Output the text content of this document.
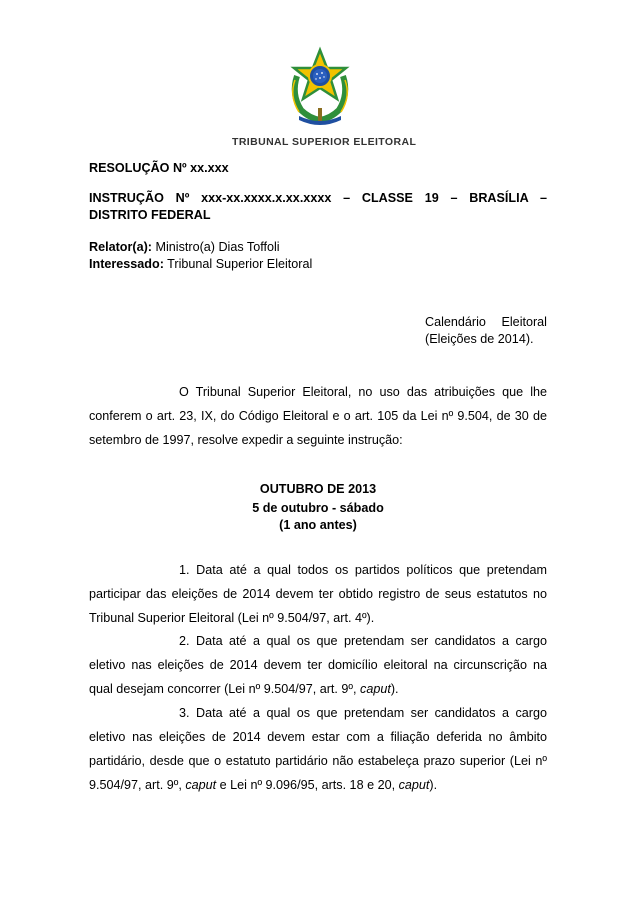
TRIBUNAL SUPERIOR ELEITORAL
RESOLUÇÃO Nº xx.xxx
INSTRUÇÃO Nº xxx-xx.xxxx.x.xx.xxxx – CLASSE 19 – BRASÍLIA –
DISTRITO FEDERAL
Relator(a): Ministro(a) Dias Toffoli
Interessado: Tribunal Superior Eleitoral
Calendário Eleitoral
(Eleições de 2014).
O Tribunal Superior Eleitoral, no uso das atribuições que lhe
conferem o art. 23, IX, do Código Eleitoral e o art. 105 da Lei nº 9.504, de 30 de
setembro de 1997, resolve expedir a seguinte instrução:
OUTUBRO DE 2013
5 de outubro - sábado
(1 ano antes)
1. Data até a qual todos os partidos políticos que pretendam
participar das eleições de 2014 devem ter obtido registro de seus estatutos no
Tribunal Superior Eleitoral (Lei nº 9.504/97, art. 4º).
2. Data até a qual os que pretendam ser candidatos a cargo
eletivo nas eleições de 2014 devem ter domicílio eleitoral na circunscrição na
qual desejam concorrer (Lei nº 9.504/97, art. 9º, caput).
3. Data até a qual os que pretendam ser candidatos a cargo
eletivo nas eleições de 2014 devem estar com a filiação deferida no âmbito
partidário, desde que o estatuto partidário não estabeleça prazo superior (Lei nº
9.504/97, art. 9º, caput e Lei nº 9.096/95, arts. 18 e 20, caput).
